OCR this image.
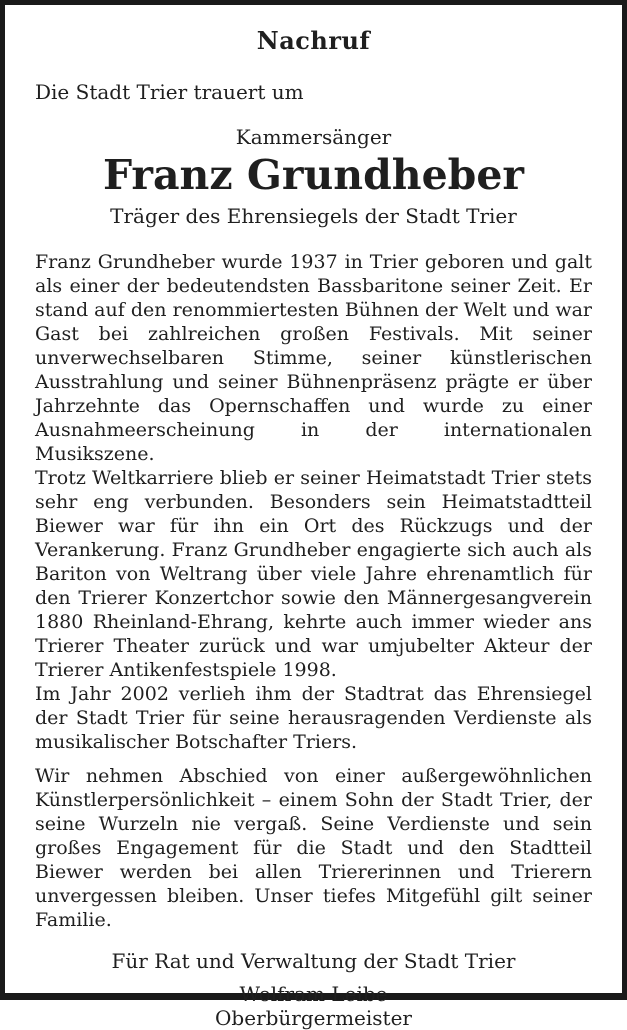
Nachruf

Die Stadt Trier trauert um

Kammersänger

Franz Grundheber

Träger des Ehrensiegels der Stadt Trier

Franz Grundheber wurde 1937 in Trier geboren und galt als einer der bedeutendsten Bassbaritone seiner Zeit. Er stand auf den renommiertesten Bühnen der Welt und war Gast bei zahlreichen großen Festivals. Mit seiner unverwechselbaren Stimme, seiner künstlerischen Ausstrahlung und seiner Bühnenpräsenz prägte er über Jahrzehnte das Opernschaffen und wurde zu einer Ausnahmeerscheinung in der internationalen Musikszene.

Trotz Weltkarriere blieb er seiner Heimatstadt Trier stets sehr eng verbunden. Besonders sein Heimatstadtteil Biewer war für ihn ein Ort des Rückzugs und der Verankerung. Franz Grundheber engagierte sich auch als Bariton von Weltrang über viele Jahre ehrenamtlich für den Trierer Konzertchor sowie den Männergesangverein 1880 Rheinland-Ehrang, kehrte auch immer wieder ans Trierer Theater zurück und war umjubelter Akteur der Trierer Antikenfestspiele 1998.

Im Jahr 2002 verlieh ihm der Stadtrat das Ehrensiegel der Stadt Trier für seine herausragenden Verdienste als musikalischer Botschafter Triers.

Wir nehmen Abschied von einer außergewöhnlichen Künstlerpersönlichkeit – einem Sohn der Stadt Trier, der seine Wurzeln nie vergaß. Seine Verdienste und sein großes Engagement für die Stadt und den Stadtteil Biewer werden bei allen Triererinnen und Trierern unvergessen bleiben. Unser tiefes Mitgefühl gilt seiner Familie.

Für Rat und Verwaltung der Stadt Trier

Wolfram Leibe
Oberbürgermeister
